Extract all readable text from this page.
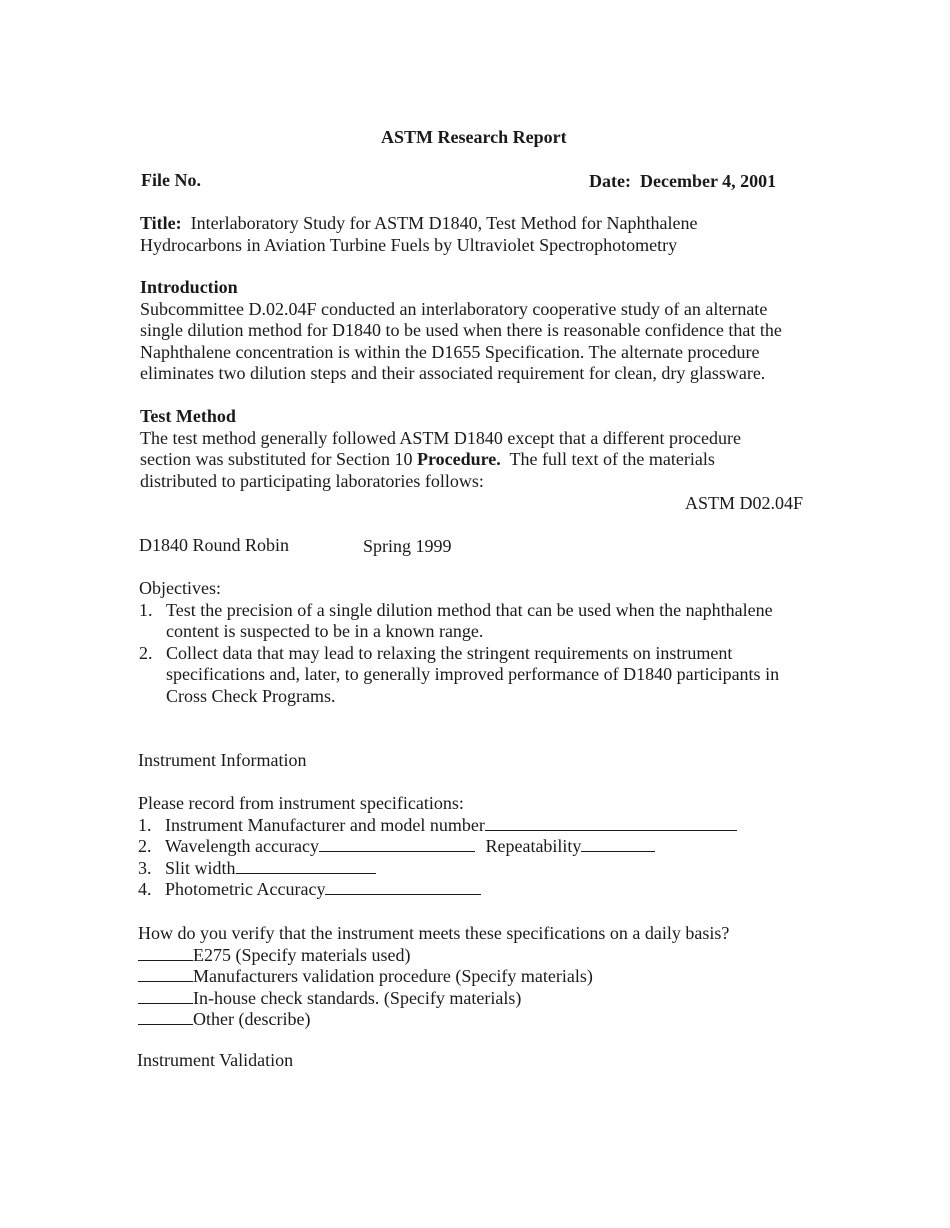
ASTM Research Report
File No.	Date: December 4, 2001

Title: Interlaboratory Study for ASTM D1840, Test Method for Naphthalene

Hydrocarbons in Aviation Turbine Fuels by Ultraviolet Spectrophotometry

Introduction

Subcommittee D.02.04F conducted an interlaboratory cooperative study of an alternate

single dilution method for D1840 to be used when there is reasonable confidence that the

Naphthalene concentration is within the D1655 Specification. The alternate procedure

eliminates two dilution steps and their associated requirement for clean, dry glassware.

Test Method

The test method generally followed ASTM D1840 except that a different procedure

section was substituted for Section 10 Procedure. The full text of the materials

distributed to participating laboratories follows:

ASTM D02.04F
D1840 Round Robin	Spring 1999

Objectives:

1. Test the precision of a single dilution method that can be used when the naphthalene

content is suspected to be in a known range.

2. Collect data that may lead to relaxing the stringent requirements on instrument

specifications and, later, to generally improved performance of D1840 participants in

Cross Check Programs.

Instrument Information

Please record from instrument specifications:

1. Instrument Manufacturer and model number

2. Wavelength accuracy	Repeatability

3. Slit width

4. Photometric Accuracy

How do you verify that the instrument meets these specifications on a daily basis?

E275 (Specify materials used)

Manufacturers validation procedure (Specify materials)

In-house check standards. (Specify materials)

Other (describe)

Instrument Validation
